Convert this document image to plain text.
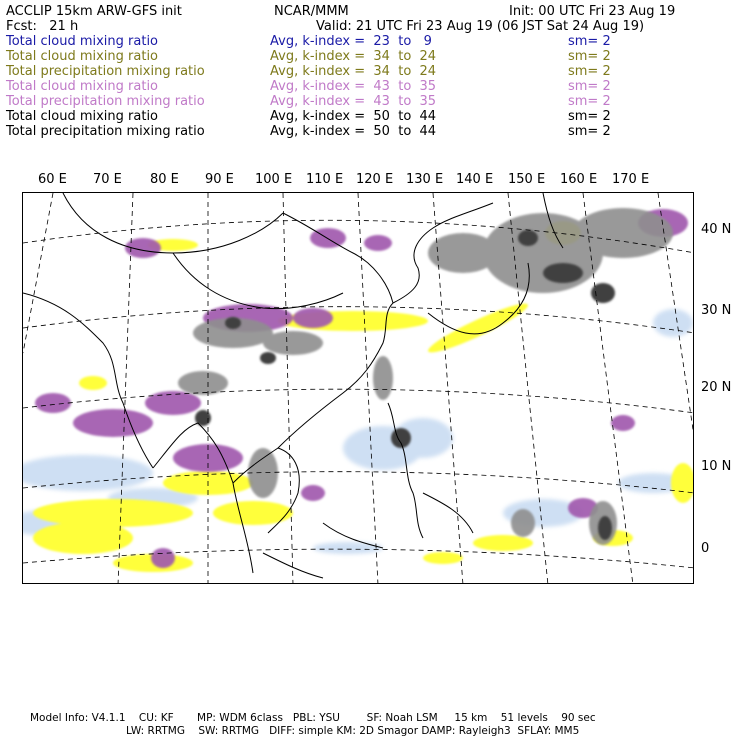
ACCLIP 15km ARW-GFS init	NCAR/MMM	Init: 00 UTC Fri 23 Aug 19
Fcst:   21 h	Valid: 21 UTC Fri 23 Aug 19 (06 JST Sat 24 Aug 19)
Total cloud mixing ratio	Avg, k-index =  23  to   9	sm= 2
Total cloud mixing ratio	Avg, k-index =  34  to  24	sm= 2
Total precipitation mixing ratio	Avg, k-index =  34  to  24	sm= 2
Total cloud mixing ratio	Avg, k-index =  43  to  35	sm= 2
Total precipitation mixing ratio	Avg, k-index =  43  to  35	sm= 2
Total cloud mixing ratio	Avg, k-index =  50  to  44	sm= 2
Total precipitation mixing ratio	Avg, k-index =  50  to  44	sm= 2
60 E 70 E 80 E 90 E 100 E 110 E 120 E 130 E 140 E 150 E 160 E 170 E
40 N
30 N
20 N
10 N
0
Model Info: V4.1.1    CU: KF       MP: WDM 6class   PBL: YSU        SF: Noah LSM     15 km    51 levels    90 sec
LW: RRTMG    SW: RRTMG   DIFF: simple KM: 2D Smagor DAMP: Rayleigh3  SFLAY: MM5
